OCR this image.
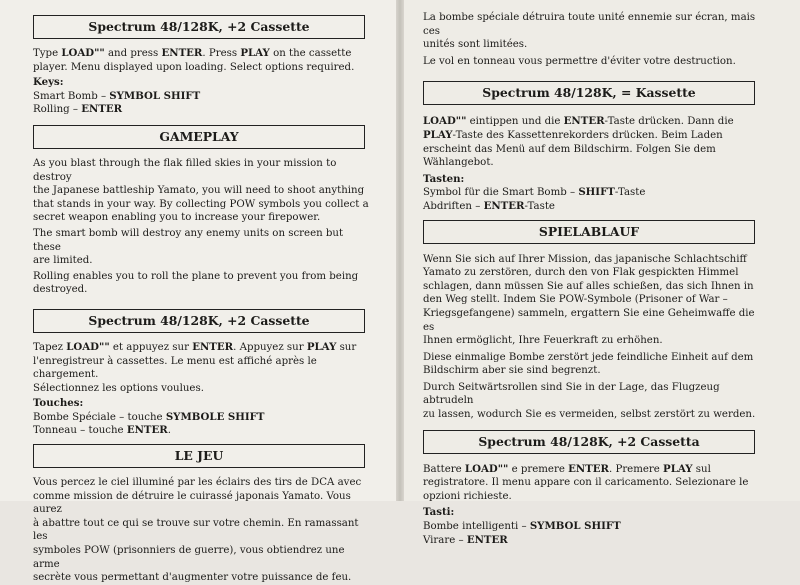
Spectrum 48/128K, +2 Cassette

Type LOAD"" and press ENTER. Press PLAY on the cassette

player. Menu displayed upon loading. Select options required.

Keys:

Smart Bomb – SYMBOL SHIFT

Rolling – ENTER

GAMEPLAY

As you blast through the flak filled skies in your mission to destroy

the Japanese battleship Yamato, you will need to shoot anything

that stands in your way. By collecting POW symbols you collect a

secret weapon enabling you to increase your firepower.

The smart bomb will destroy any enemy units on screen but these

are limited.

Rolling enables you to roll the plane to prevent you from being

destroyed.

Spectrum 48/128K, +2 Cassette

Tapez LOAD"" et appuyez sur ENTER. Appuyez sur PLAY sur

l'enregistreur à cassettes. Le menu est affiché après le chargement.

Sélectionnez les options voulues.

Touches:

Bombe Spéciale – touche SYMBOLE SHIFT

Tonneau – touche ENTER.

LE JEU

Vous percez le ciel illuminé par les éclairs des tirs de DCA avec

comme mission de détruire le cuirassé japonais Yamato. Vous aurez

à abattre tout ce qui se trouve sur votre chemin. En ramassant les

symboles POW (prisonniers de guerre), vous obtiendrez une arme

secrète vous permettant d'augmenter votre puissance de feu.

La bombe spéciale détruira toute unité ennemie sur écran, mais ces

unités sont limitées.

Le vol en tonneau vous permettre d'éviter votre destruction.

Spectrum 48/128K, = Kassette

LOAD"" eintippen und die ENTER-Taste drücken. Dann die

PLAY-Taste des Kassettenrekorders drücken. Beim Laden

erscheint das Menü auf dem Bildschirm. Folgen Sie dem

Wählangebot.

Tasten:

Symbol für die Smart Bomb – SHIFT-Taste

Abdriften – ENTER-Taste

SPIELABLAUF

Wenn Sie sich auf Ihrer Mission, das japanische Schlachtschiff

Yamato zu zerstören, durch den von Flak gespickten Himmel

schlagen, dann müssen Sie auf alles schießen, das sich Ihnen in

den Weg stellt. Indem Sie POW-Symbole (Prisoner of War –

Kriegsgefangene) sammeln, ergattern Sie eine Geheimwaffe die es

Ihnen ermöglicht, Ihre Feuerkraft zu erhöhen.

Diese einmalige Bombe zerstört jede feindliche Einheit auf dem

Bildschirm aber sie sind begrenzt.

Durch Seitwärtsrollen sind Sie in der Lage, das Flugzeug abtrudeln

zu lassen, wodurch Sie es vermeiden, selbst zerstört zu werden.

Spectrum 48/128K, +2 Cassetta

Battere LOAD"" e premere ENTER. Premere PLAY sul

registratore. Il menu appare con il caricamento. Selezionare le

opzioni richieste.

Tasti:

Bombe intelligenti – SYMBOL SHIFT

Virare – ENTER
